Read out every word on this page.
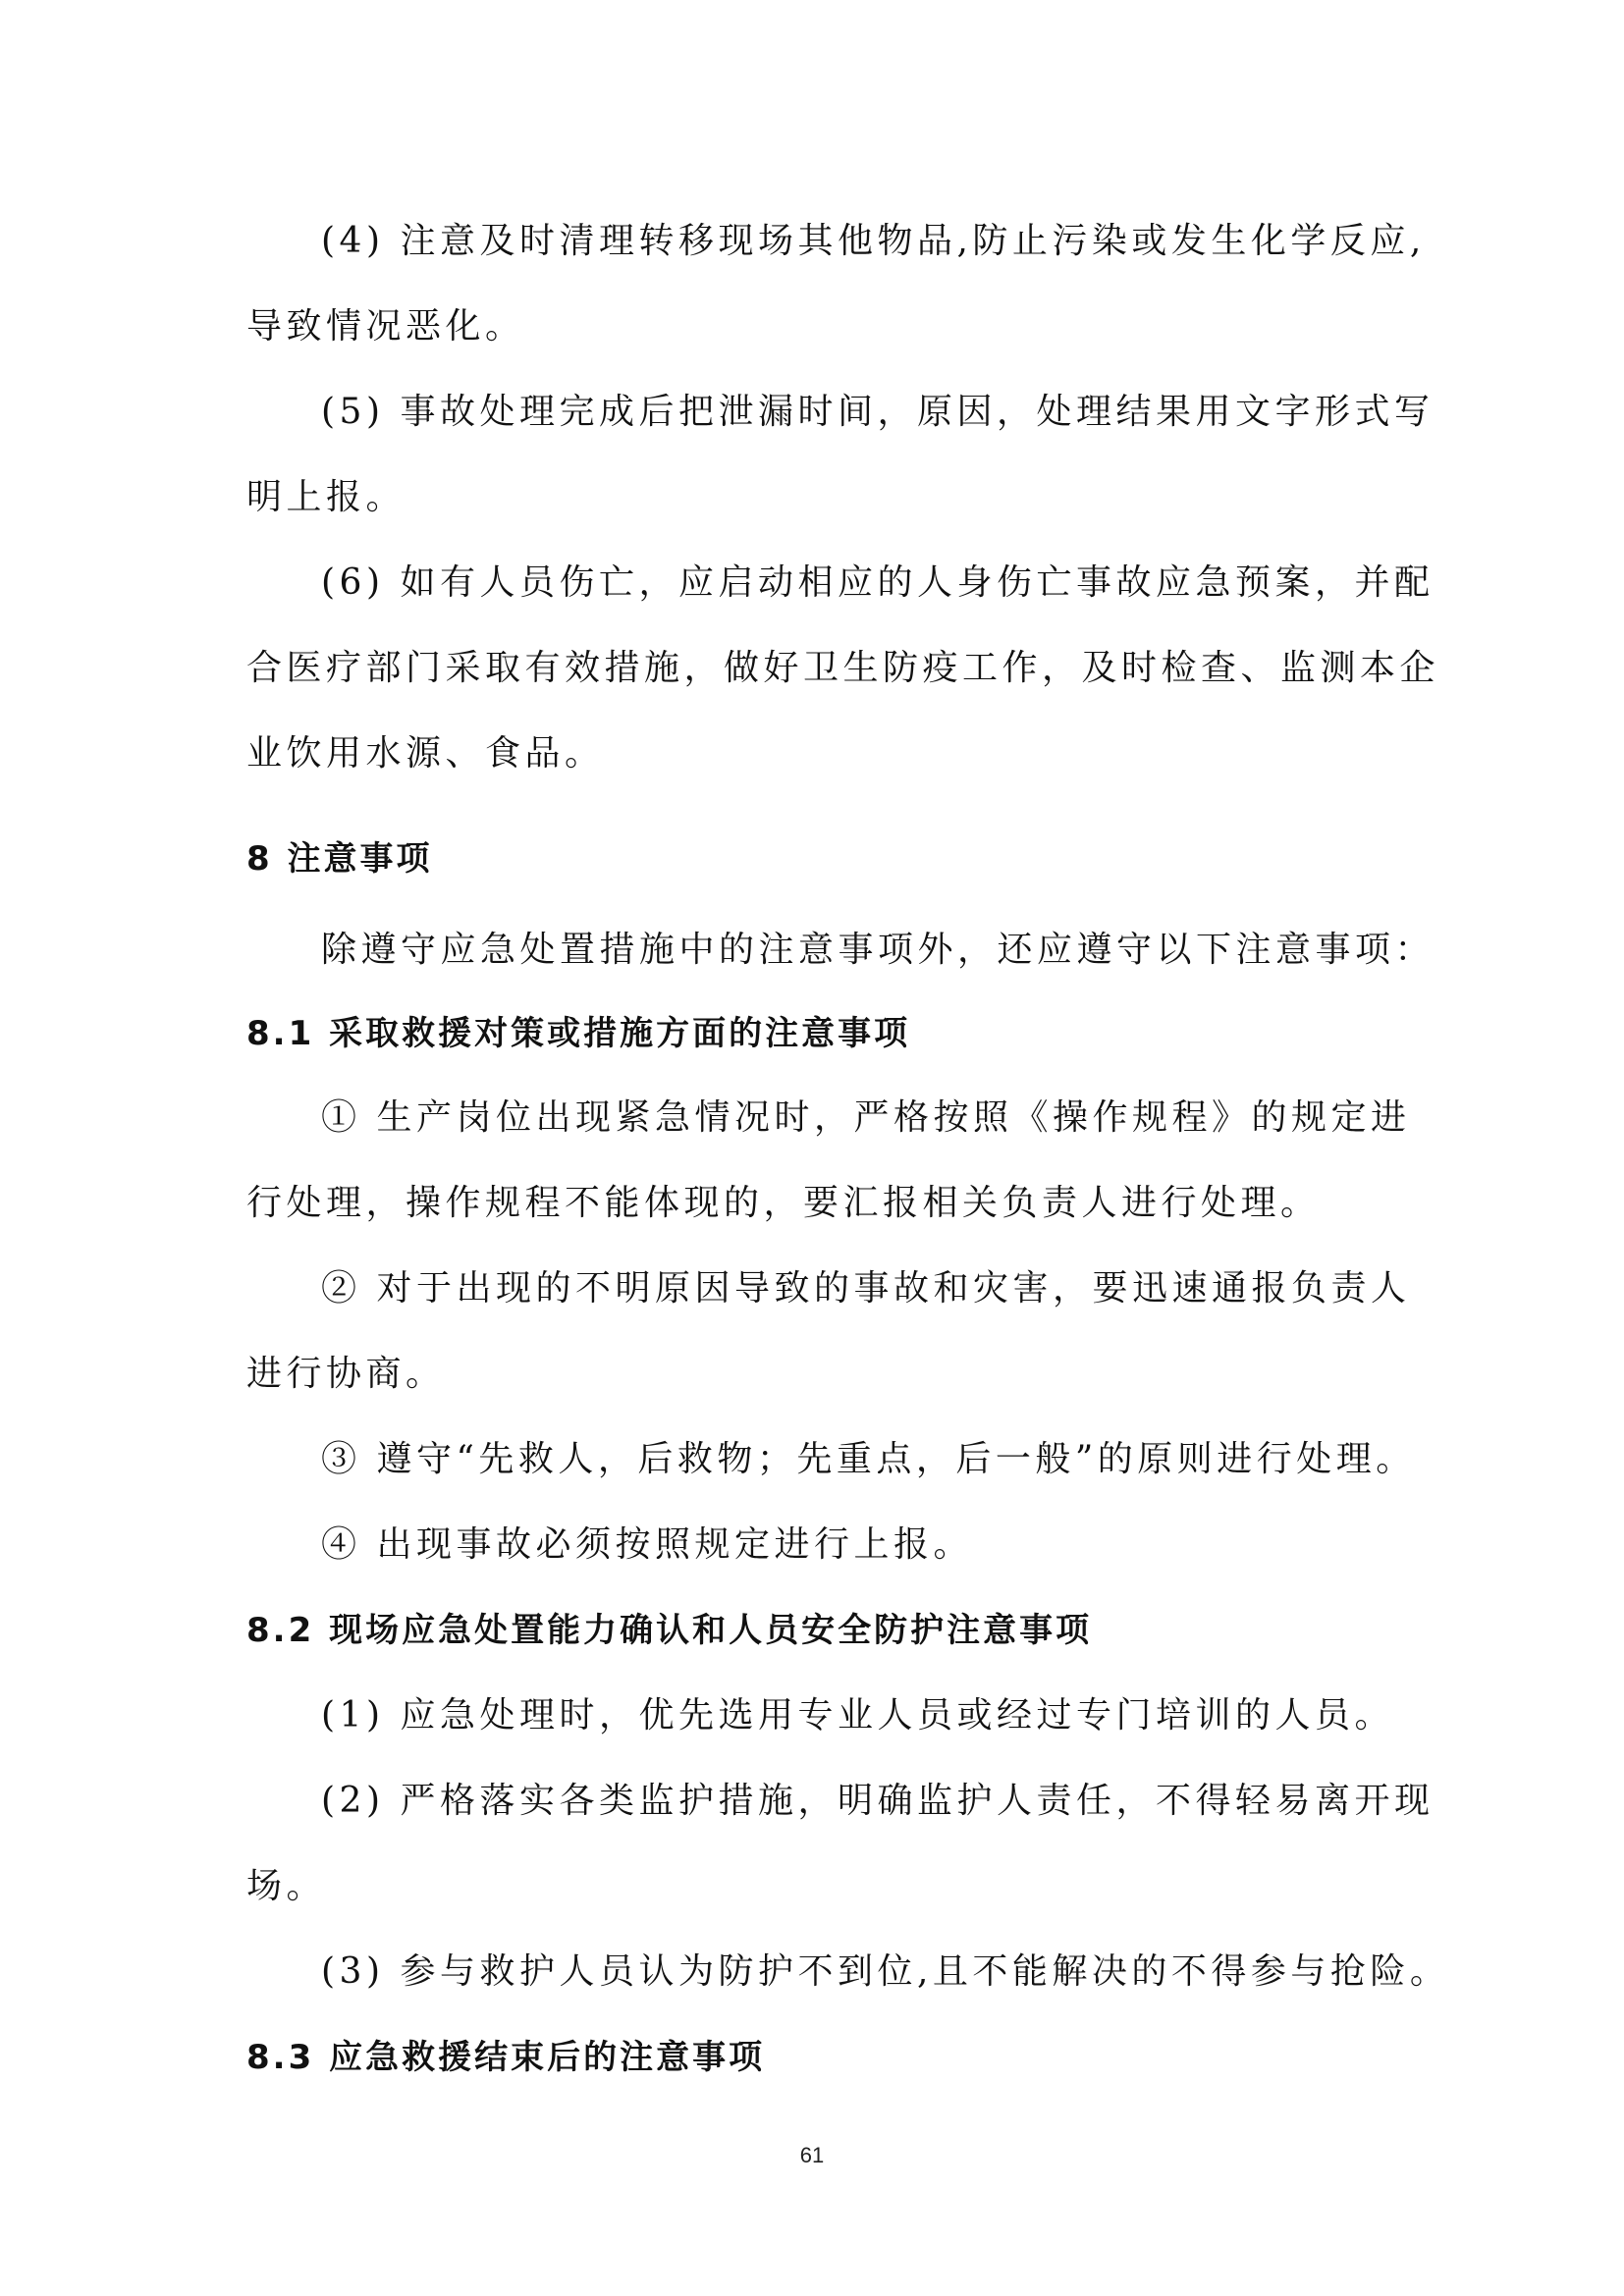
(4) 注意及时清理转移现场其他物品,防止污染或发生化学反应,

导致情况恶化。

(5) 事故处理完成后把泄漏时间，原因，处理结果用文字形式写

明上报。

(6) 如有人员伤亡，应启动相应的人身伤亡事故应急预案，并配

合医疗部门采取有效措施，做好卫生防疫工作，及时检查、监测本企

业饮用水源、食品。

8 注意事项

除遵守应急处置措施中的注意事项外，还应遵守以下注意事项：

8.1 采取救援对策或措施方面的注意事项

① 生产岗位出现紧急情况时，严格按照《操作规程》的规定进

行处理，操作规程不能体现的，要汇报相关负责人进行处理。

② 对于出现的不明原因导致的事故和灾害，要迅速通报负责人

进行协商。

③ 遵守“先救人，后救物；先重点，后一般”的原则进行处理。

④ 出现事故必须按照规定进行上报。

8.2 现场应急处置能力确认和人员安全防护注意事项

(1) 应急处理时，优先选用专业人员或经过专门培训的人员。

(2) 严格落实各类监护措施，明确监护人责任，不得轻易离开现

场。

(3) 参与救护人员认为防护不到位,且不能解决的不得参与抢险。

8.3 应急救援结束后的注意事项
61
